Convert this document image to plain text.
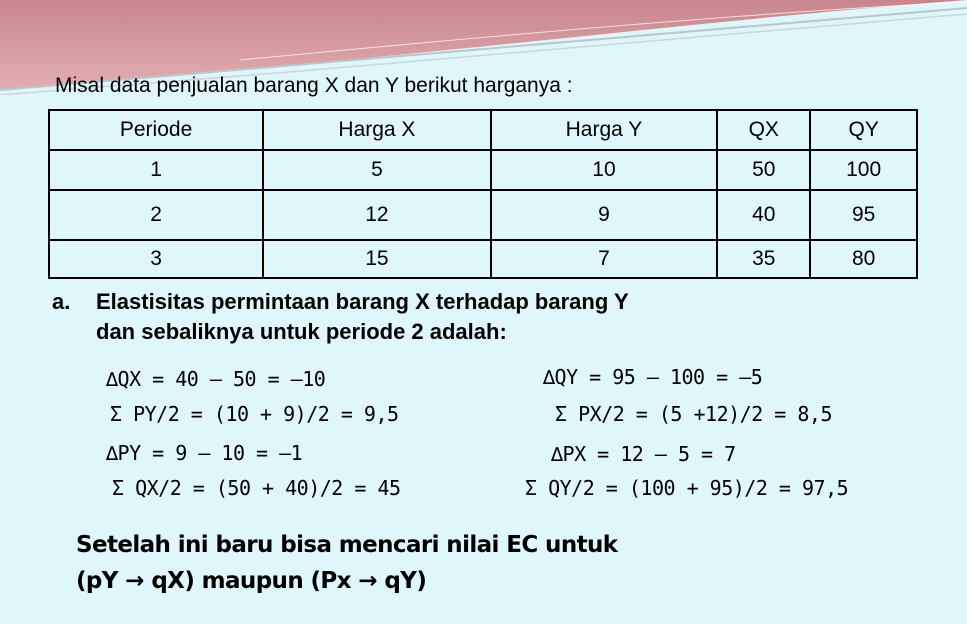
Misal data penjualan barang X dan Y berikut harganya :
Periode	Harga X	Harga Y	QX	QY
1	5	10	50	100
2	12	9	40	95
3	15	7	35	80
a. Elastisitas permintaan barang X terhadap barang Y
dan sebaliknya untuk periode 2 adalah:
∆QX = 40 – 50 = –10
Σ PY/2 = (10 + 9)/2 = 9,5
∆PY = 9 – 10 = –1
Σ QX/2 = (50 + 40)/2 = 45
∆QY = 95 – 100 = –5
Σ PX/2 = (5 +12)/2 = 8,5
∆PX = 12 – 5 = 7
Σ QY/2 = (100 + 95)/2 = 97,5
Setelah ini baru bisa mencari nilai EC untuk
(pY → qX) maupun (Px → qY)
